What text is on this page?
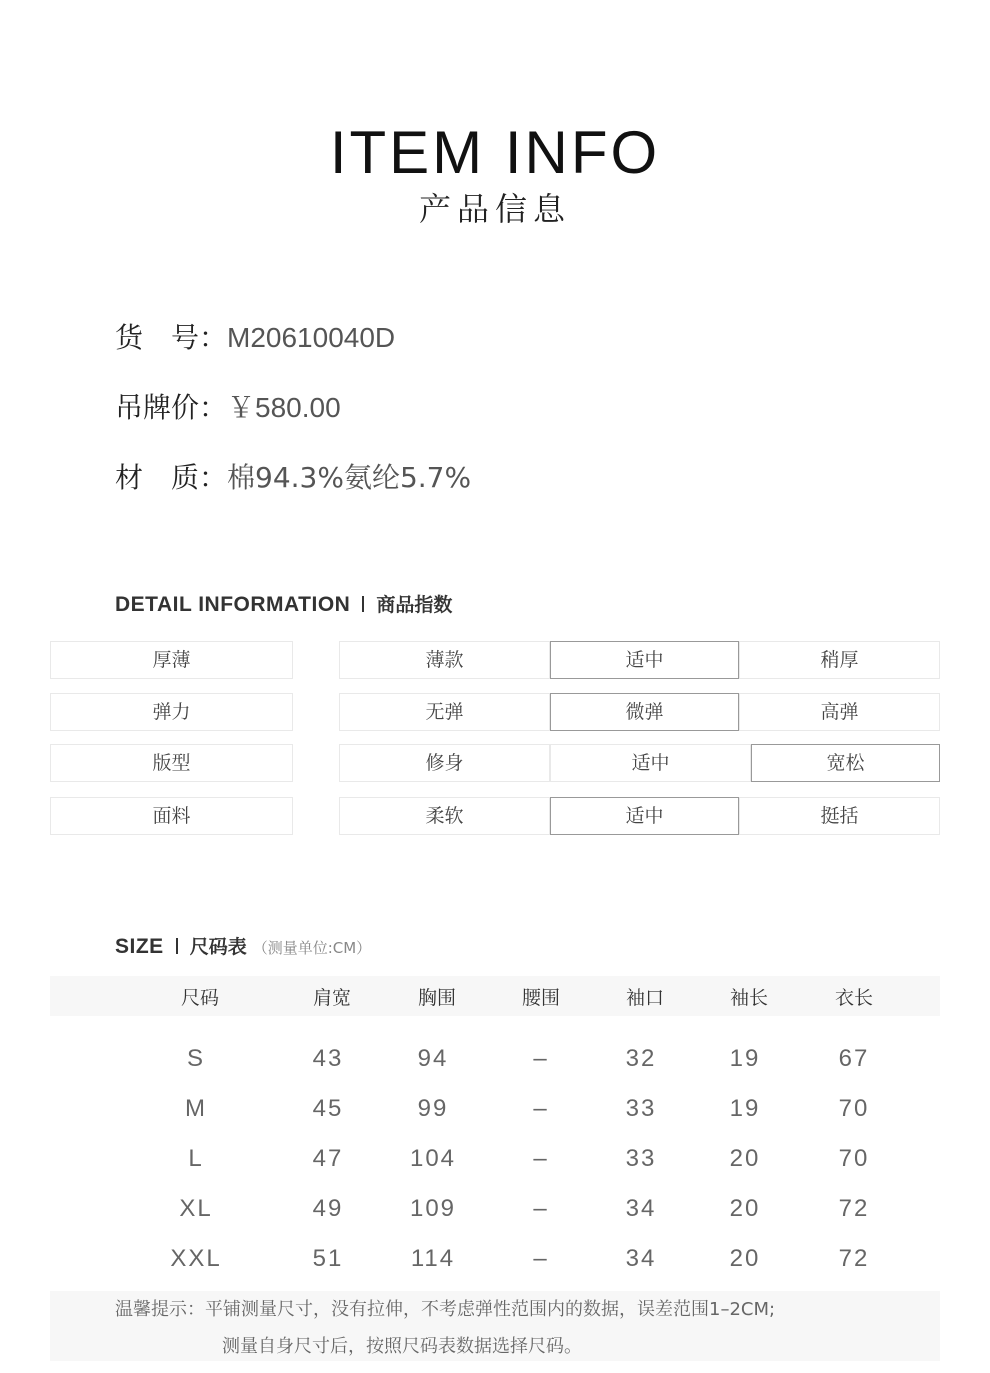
ITEM INFO
产品信息
货　号：M20610040D
吊牌价：￥580.00
材　质：棉94.3%氨纶5.7%
DETAIL INFORMATION 商品指数
厚薄	薄款	适中	稍厚
弹力	无弹	微弹	高弹
版型	修身	适中	宽松
面料	柔软	适中	挺括
SIZE 尺码表 （测量单位:CM）
尺码	肩宽	胸围	腰围	袖口	袖长	衣长
S	43	94	–	32	19	67
M	45	99	–	33	19	70
L	47	104	–	33	20	70
XL	49	109	–	34	20	72
XXL	51	114	–	34	20	72
温馨提示：平铺测量尺寸，没有拉伸，不考虑弹性范围内的数据，误差范围1–2CM;
测量自身尺寸后，按照尺码表数据选择尺码。
